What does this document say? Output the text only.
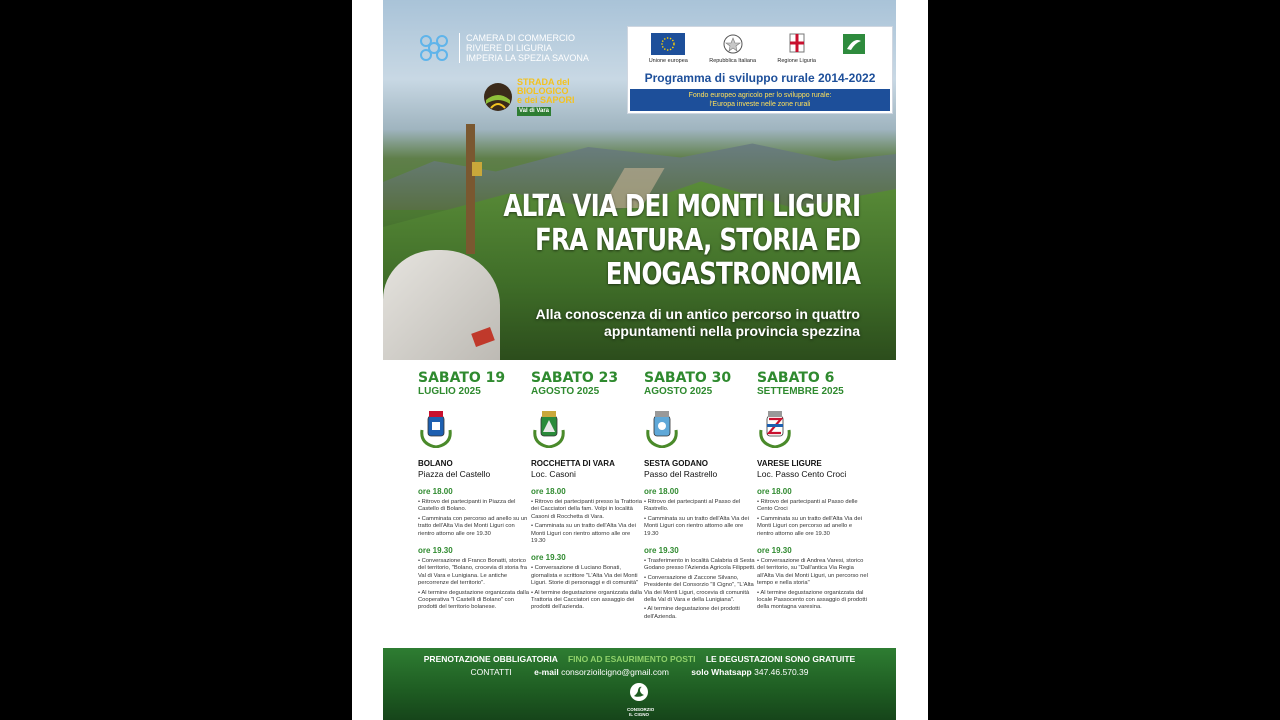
CAMERA DI COMMERCIO
RIVIERE DI LIGURIA
IMPERIA LA SPEZIA SAVONA
STRADA del
BIOLOGICO
e dei SAPORI
Val di Vara
Unione europea	Repubblica Italiana	Regione Liguria
Programma di sviluppo rurale 2014-2022
Fondo europeo agricolo per lo sviluppo rurale:
l'Europa investe nelle zone rurali
ALTA VIA DEI MONTI LIGURI
FRA NATURA, STORIA ED
ENOGASTRONOMIA
Alla conoscenza di un antico percorso in quattro
appuntamenti nella provincia spezzina
SABATO 19
LUGLIO 2025
BOLANO
Piazza del Castello
ore 18.00
• Ritrovo dei partecipanti in Piazza del Castello di Bolano.
• Camminata con percorso ad anello su un tratto dell'Alta Via dei Monti Liguri con rientro attorno alle ore 19.30
ore 19.30
• Conversazione di Franco Bonatti, storico del territorio, "Bolano, crocevia di storia fra Val di Vara e Lunigiana. Le antiche percorrenze del territorio".
• Al termine degustazione organizzata dalla Cooperativa "I Castelli di Bolano" con prodotti del territorio bolanese.
SABATO 23
AGOSTO 2025
ROCCHETTA DI VARA
Loc. Casoni
ore 18.00
• Ritrovo dei partecipanti presso la Trattoria dei Cacciatori della fam. Volpi in località Casoni di Rocchetta di Vara.
• Camminata su un tratto dell'Alta Via dei Monti Liguri con rientro attorno alle ore 19.30
ore 19.30
• Conversazione di Luciano Bonati, giornalista e scrittore "L'Alta Via dei Monti Liguri. Storie di personaggi e di comunità"
• Al termine degustazione organizzata dalla Trattoria dei Cacciatori con assaggio dei prodotti dell'azienda.
SABATO 30
AGOSTO 2025
SESTA GODANO
Passo del Rastrello
ore 18.00
• Ritrovo dei partecipanti al Passo del Rastrello.
• Camminata su un tratto dell'Alta Via dei Monti Liguri con rientro attorno alle ore 19.30
ore 19.30
• Trasferimento in località Calabria di Sesta Godano presso l'Azienda Agricola Filippetti.
• Conversazione di Zaccone Silvano, Presidente del Consorzio "Il Cigno", "L'Alta Via dei Monti Liguri, crocevia di comunità della Val di Vara e della Lunigiana".
• Al termine degustazione dei prodotti dell'Azienda.
SABATO 6
SETTEMBRE 2025
VARESE LIGURE
Loc. Passo Cento Croci
ore 18.00
• Ritrovo dei partecipanti al Passo delle Cento Croci
• Camminata su un tratto dell'Alta Via dei Monti Liguri con percorso ad anello e rientro attorno alle ore 19.30
ore 19.30
• Conversazione di Andrea Varesi, storico del territorio, su "Dall'antica Via Regia all'Alta Via dei Monti Liguri, un percorso nel tempo e nella storia"
• Al termine degustazione organizzata dal locale Passocento con assaggio di prodotti della montagna varesina.
PRENOTAZIONE OBBLIGATORIA FINO AD ESAURIMENTO POSTI LE DEGUSTAZIONI SONO GRATUITE
CONTATTI	e-mail consorzioilcigno@gmail.com	solo Whatsapp 347.46.570.39
CONSORZIO
IL CIGNO
